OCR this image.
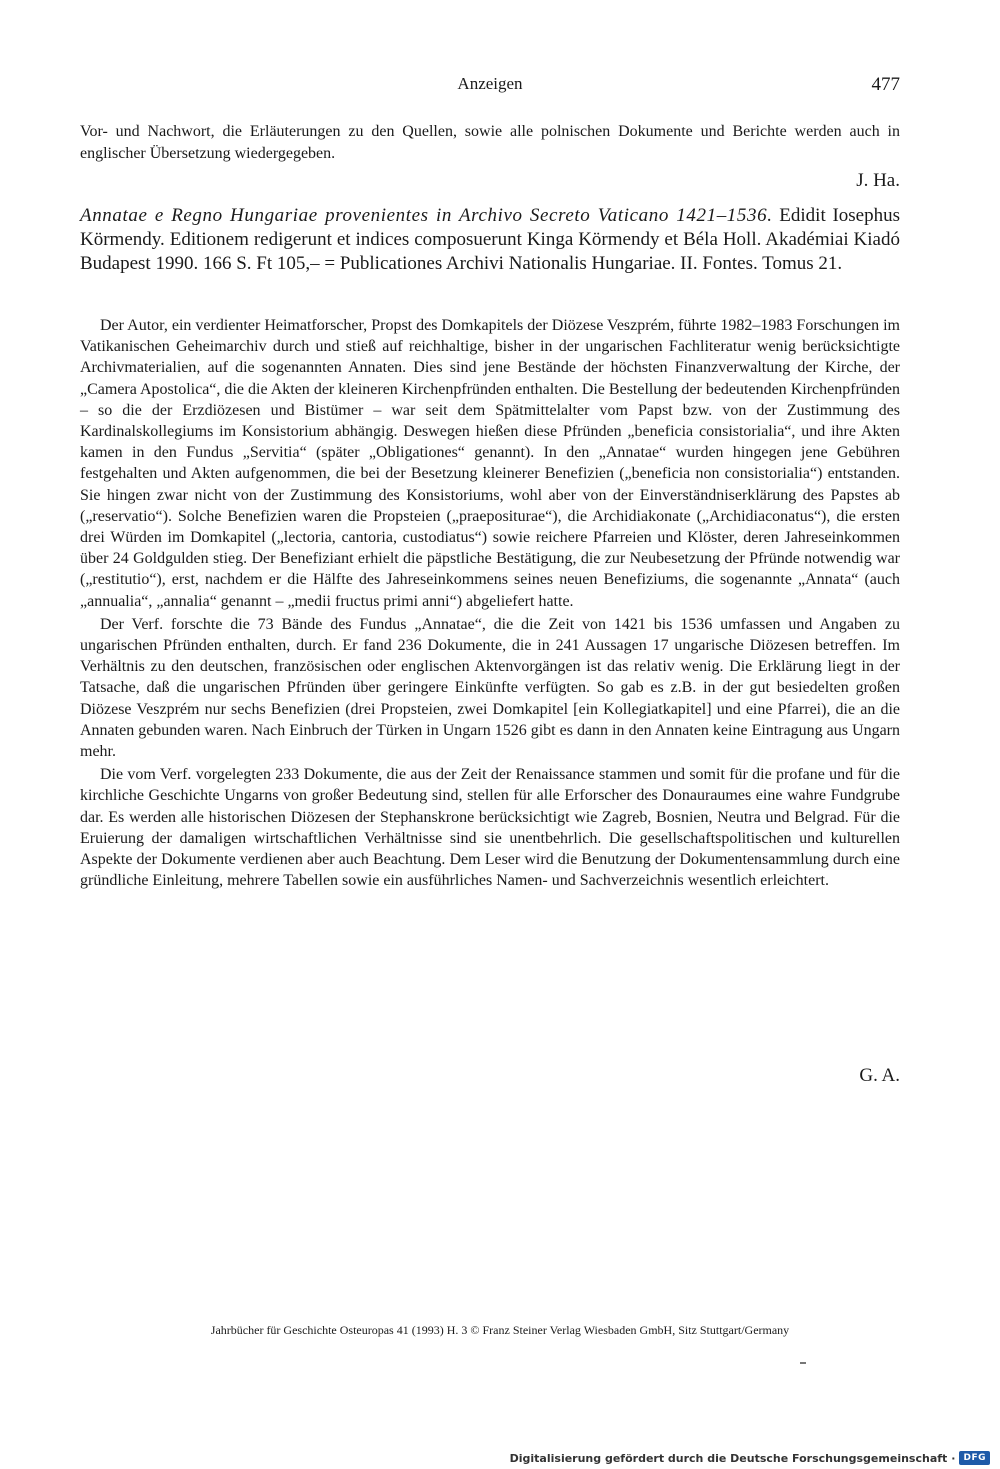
Anzeigen	477
Vor- und Nachwort, die Erläuterungen zu den Quellen, sowie alle polnischen Dokumente und Berichte werden auch in englischer Übersetzung wiedergegeben.
J. Ha.
Annatae e Regno Hungariae provenientes in Archivo Secreto Vaticano 1421–1536. Edidit Iosephus Körmendy. Editionem redigerunt et indices composuerunt Kinga Körmendy et Béla Holl. Akadémiai Kiadó Budapest 1990. 166 S. Ft 105,– = Publicationes Archivi Nationalis Hungariae. II. Fontes. Tomus 21.

Der Autor, ein verdienter Heimatforscher, Propst des Domkapitels der Diözese Veszprém, führte 1982–1983 Forschungen im Vatikanischen Geheimarchiv durch und stieß auf reichhaltige, bisher in der ungarischen Fachliteratur wenig berücksichtigte Archivmaterialien, auf die sogenannten Annaten. Dies sind jene Bestände der höchsten Finanzverwaltung der Kirche, der „Camera Apostolica“, die die Akten der kleineren Kirchenpfründen enthalten. Die Bestellung der bedeutenden Kirchenpfründen – so die der Erzdiözesen und Bistümer – war seit dem Spätmittelalter vom Papst bzw. von der Zustimmung des Kardinalskollegiums im Konsistorium abhängig. Deswegen hießen diese Pfründen „beneficia consistorialia“, und ihre Akten kamen in den Fundus „Servitia“ (später „Obligationes“ genannt). In den „Annatae“ wurden hingegen jene Gebühren festgehalten und Akten aufgenommen, die bei der Besetzung kleinerer Benefizien („beneficia non consistorialia“) entstanden. Sie hingen zwar nicht von der Zustimmung des Konsistoriums, wohl aber von der Einverständniserklärung des Papstes ab („reservatio“). Solche Benefizien waren die Propsteien („praepositurae“), die Archidiakonate („Archidiaconatus“), die ersten drei Würden im Domkapitel („lectoria, cantoria, custodiatus“) sowie reichere Pfarreien und Klöster, deren Jahreseinkommen über 24 Goldgulden stieg. Der Benefiziant erhielt die päpstliche Bestätigung, die zur Neubesetzung der Pfründe notwendig war („restitutio“), erst, nachdem er die Hälfte des Jahreseinkommens seines neuen Benefiziums, die sogenannte „Annata“ (auch „annualia“, „annalia“ genannt – „medii fructus primi anni“) abgeliefert hatte.

Der Verf. forschte die 73 Bände des Fundus „Annatae“, die die Zeit von 1421 bis 1536 umfassen und Angaben zu ungarischen Pfründen enthalten, durch. Er fand 236 Dokumente, die in 241 Aussagen 17 ungarische Diözesen betreffen. Im Verhältnis zu den deutschen, französischen oder englischen Aktenvorgängen ist das relativ wenig. Die Erklärung liegt in der Tatsache, daß die ungarischen Pfründen über geringere Einkünfte verfügten. So gab es z.B. in der gut besiedelten großen Diözese Veszprém nur sechs Benefizien (drei Propsteien, zwei Domkapitel [ein Kollegiatkapitel] und eine Pfarrei), die an die Annaten gebunden waren. Nach Einbruch der Türken in Ungarn 1526 gibt es dann in den Annaten keine Eintragung aus Ungarn mehr.

Die vom Verf. vorgelegten 233 Dokumente, die aus der Zeit der Renaissance stammen und somit für die profane und für die kirchliche Geschichte Ungarns von großer Bedeutung sind, stellen für alle Erforscher des Donauraumes eine wahre Fundgrube dar. Es werden alle historischen Diözesen der Stephanskrone berücksichtigt wie Zagreb, Bosnien, Neutra und Belgrad. Für die Eruierung der damaligen wirtschaftlichen Verhältnisse sind sie unentbehrlich. Die gesellschaftspolitischen und kulturellen Aspekte der Dokumente verdienen aber auch Beachtung. Dem Leser wird die Benutzung der Dokumentensammlung durch eine gründliche Einleitung, mehrere Tabellen sowie ein ausführliches Namen- und Sachverzeichnis wesentlich erleichtert.

G. A.
Jahrbücher für Geschichte Osteuropas 41 (1993) H. 3 © Franz Steiner Verlag Wiesbaden GmbH, Sitz Stuttgart/Germany
Digitalisierung gefördert durch die Deutsche Forschungsgemeinschaft · DFG
